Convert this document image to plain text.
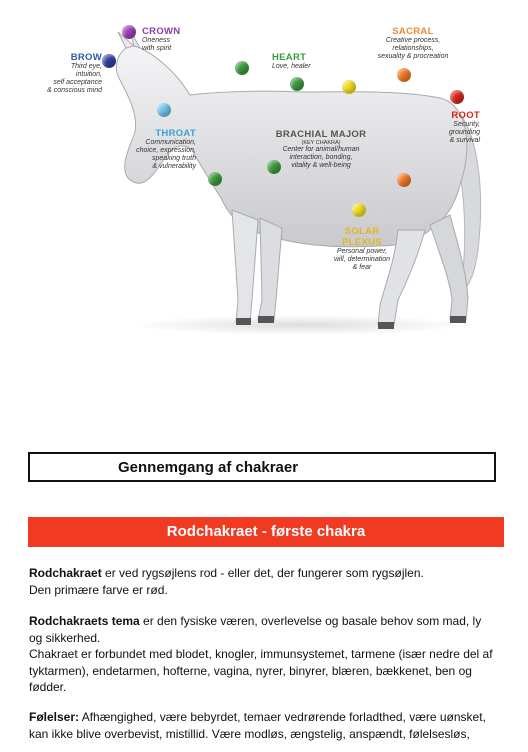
CROWN
Oneness
with spirit
BROW
Third eye,
intuition,
self acceptance
& conscious mind
HEART
Love, healer
SACRAL
Creative process,
relationships,
sexuality & procreation
ROOT
Security,
grounding
& survival
THROAT
Communication,
choice, expression,
speaking truth
& vulnerability
BRACHIAL MAJOR
(KEY CHAKRA)
Center for animal/human
interaction, bonding,
vitality & well-being
SOLAR
PLEXUS
Personal power,
will, determination
& fear
Gennemgang af chakraer
Rodchakraet - første chakra
Rodchakraet er ved rygsøjlens rod - eller det, der fungerer som rygsøjlen.
Den primære farve er rød.
Rodchakraets tema er den fysiske væren, overlevelse og basale behov som mad, ly
og sikkerhed.
Chakraet er forbundet med blodet, knogler, immunsystemet, tarmene (især nedre del af
tyktarmen), endetarmen, hofterne, vagina, nyrer, binyrer, blæren, bækkenet, ben og
fødder.
Følelser: Afhængighed, være bebyrdet, temaer vedrørende forladthed, være uønsket,
kan ikke blive overbevist, mistillid. Være modløs, ængstelig, anspændt, følelsesløs,
